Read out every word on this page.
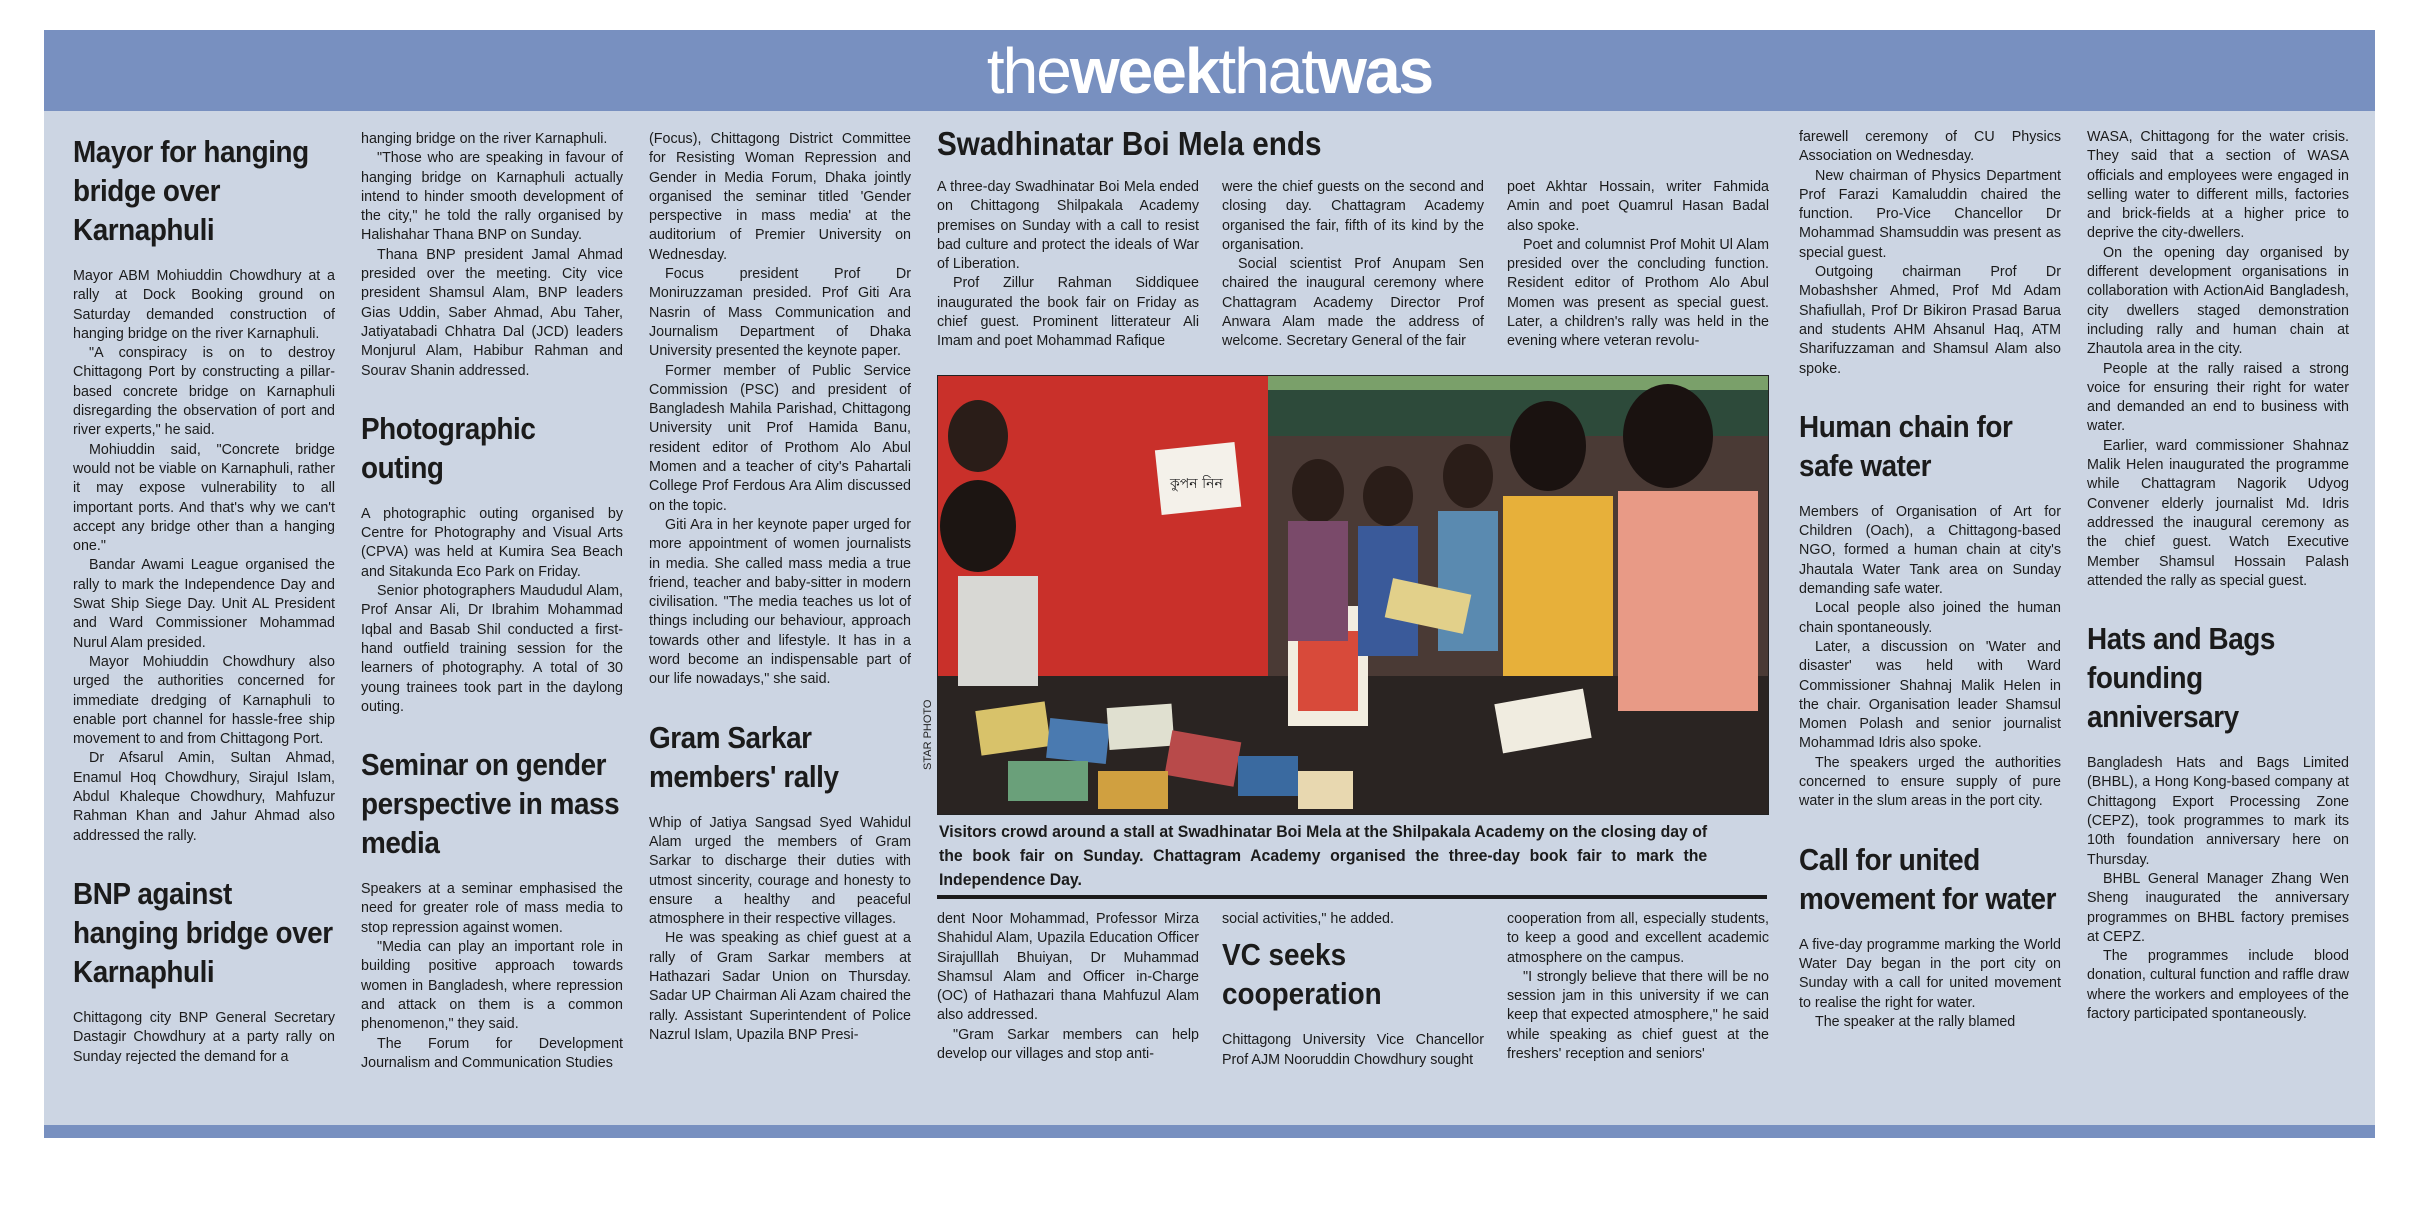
theweekthatwas
Mayor for hanging bridge over Karnaphuli

Mayor ABM Mohiuddin Chowdhury at a rally at Dock Booking ground on Saturday demanded construction of hanging bridge on the river Karnaphuli.

"A conspiracy is on to destroy Chittagong Port by constructing a pillar-based concrete bridge on Karnaphuli disregarding the observation of port and river experts," he said.

Mohiuddin said, "Concrete bridge would not be viable on Karnaphuli, rather it may expose vulnerability to all important ports. And that's why we can't accept any bridge other than a hanging one."

Bandar Awami League organised the rally to mark the Independence Day and Swat Ship Siege Day. Unit AL President and Ward Commissioner Mohammad Nurul Alam presided.

Mayor Mohiuddin Chowdhury also urged the authorities concerned for immediate dredging of Karnaphuli to enable port channel for hassle-free ship movement to and from Chittagong Port.

Dr Afsarul Amin, Sultan Ahmad, Enamul Hoq Chowdhury, Sirajul Islam, Abdul Khaleque Chowdhury, Mahfuzur Rahman Khan and Jahur Ahmad also addressed the rally.

BNP against hanging bridge over Karnaphuli

Chittagong city BNP General Secretary Dastagir Chowdhury at a party rally on Sunday rejected the demand for a

hanging bridge on the river Karnaphuli.

"Those who are speaking in favour of hanging bridge on Karnaphuli actually intend to hinder smooth development of the city," he told the rally organised by Halishahar Thana BNP on Sunday.

Thana BNP president Jamal Ahmad presided over the meeting. City vice president Shamsul Alam, BNP leaders Gias Uddin, Saber Ahmad, Abu Taher, Jatiyatabadi Chhatra Dal (JCD) leaders Monjurul Alam, Habibur Rahman and Sourav Shanin addressed.

Photographic outing

A photographic outing organised by Centre for Photography and Visual Arts (CPVA) was held at Kumira Sea Beach and Sitakunda Eco Park on Friday.

Senior photographers Maududul Alam, Prof Ansar Ali, Dr Ibrahim Mohammad Iqbal and Basab Shil conducted a first-hand outfield training session for the learners of photography. A total of 30 young trainees took part in the daylong outing.

Seminar on gender perspective in mass media

Speakers at a seminar emphasised the need for greater role of mass media to stop repression against women.

"Media can play an important role in building positive approach towards women in Bangladesh, where repression and attack on them is a common phenomenon," they said.

The Forum for Development Journalism and Communication Studies

(Focus), Chittagong District Committee for Resisting Woman Repression and Gender in Media Forum, Dhaka jointly organised the seminar titled 'Gender perspective in mass media' at the auditorium of Premier University on Wednesday.

Focus president Prof Dr Moniruzzaman presided. Prof Giti Ara Nasrin of Mass Communication and Journalism Department of Dhaka University presented the keynote paper.

Former member of Public Service Commission (PSC) and president of Bangladesh Mahila Parishad, Chittagong University unit Prof Hamida Banu, resident editor of Prothom Alo Abul Momen and a teacher of city's Pahartali College Prof Ferdous Ara Alim discussed on the topic.

Giti Ara in her keynote paper urged for more appointment of women journalists in media. She called mass media a true friend, teacher and baby-sitter in modern civilisation. "The media teaches us lot of things including our behaviour, approach towards other and lifestyle. It has in a word become an indispensable part of our life nowadays," she said.

Gram Sarkar members' rally

Whip of Jatiya Sangsad Syed Wahidul Alam urged the members of Gram Sarkar to discharge their duties with utmost sincerity, courage and honesty to ensure a healthy and peaceful atmosphere in their respective villages.

He was speaking as chief guest at a rally of Gram Sarkar members at Hathazari Sadar Union on Thursday. Sadar UP Chairman Ali Azam chaired the rally. Assistant Superintendent of Police Nazrul Islam, Upazila BNP Presi-

Swadhinatar Boi Mela ends

A three-day Swadhinatar Boi Mela ended on Chittagong Shilpakala Academy premises on Sunday with a call to resist bad culture and protect the ideals of War of Liberation.

Prof Zillur Rahman Siddiquee inaugurated the book fair on Friday as chief guest. Prominent litterateur Ali Imam and poet Mohammad Rafique

were the chief guests on the second and closing day. Chattagram Academy organised the fair, fifth of its kind by the organisation.

Social scientist Prof Anupam Sen chaired the inaugural ceremony where Chattagram Academy Director Prof Anwara Alam made the address of welcome. Secretary General of the fair

poet Akhtar Hossain, writer Fahmida Amin and poet Quamrul Hasan Badal also spoke.

Poet and columnist Prof Mohit Ul Alam presided over the concluding function. Resident editor of Prothom Alo Abul Momen was present as special guest. Later, a children's rally was held in the evening where veteran revolu-

কুপন নিন
STAR PHOTO
Visitors crowd around a stall at Swadhinatar Boi Mela at the Shilpakala Academy on the closing day of the book fair on Sunday. Chattagram Academy organised the three-day book fair to mark the Independence Day.

dent Noor Mohammad, Professor Mirza Shahidul Alam, Upazila Education Officer Sirajulllah Bhuiyan, Dr Muhammad Shamsul Alam and Officer in-Charge (OC) of Hathazari thana Mahfuzul Alam also addressed.

"Gram Sarkar members can help develop our villages and stop anti-

social activities," he added.

VC seeks cooperation

Chittagong University Vice Chancellor Prof AJM Nooruddin Chowdhury sought

cooperation from all, especially students, to keep a good and excellent academic atmosphere on the campus.

"I strongly believe that there will be no session jam in this university if we can keep that expected atmosphere," he said while speaking as chief guest at the freshers' reception and seniors'

farewell ceremony of CU Physics Association on Wednesday.

New chairman of Physics Department Prof Farazi Kamaluddin chaired the function. Pro-Vice Chancellor Dr Mohammad Shamsuddin was present as special guest.

Outgoing chairman Prof Dr Mobashsher Ahmed, Prof Md Adam Shafiullah, Prof Dr Bikiron Prasad Barua and students AHM Ahsanul Haq, ATM Sharifuzzaman and Shamsul Alam also spoke.

Human chain for safe water

Members of Organisation of Art for Children (Oach), a Chittagong-based NGO, formed a human chain at city's Jhautala Water Tank area on Sunday demanding safe water.

Local people also joined the human chain spontaneously.

Later, a discussion on 'Water and disaster' was held with Ward Commissioner Shahnaj Malik Helen in the chair. Organisation leader Shamsul Momen Polash and senior journalist Mohammad Idris also spoke.

The speakers urged the authorities concerned to ensure supply of pure water in the slum areas in the port city.

Call for united movement for water

A five-day programme marking the World Water Day began in the port city on Sunday with a call for united movement to realise the right for water.

The speaker at the rally blamed

WASA, Chittagong for the water crisis. They said that a section of WASA officials and employees were engaged in selling water to different mills, factories and brick-fields at a higher price to deprive the city-dwellers.

On the opening day organised by different development organisations in collaboration with ActionAid Bangladesh, city dwellers staged demonstration including rally and human chain at Zhautola area in the city.

People at the rally raised a strong voice for ensuring their right for water and demanded an end to business with water.

Earlier, ward commissioner Shahnaz Malik Helen inaugurated the programme while Chattagram Nagorik Udyog Convener elderly journalist Md. Idris addressed the inaugural ceremony as the chief guest. Watch Executive Member Shamsul Hossain Palash attended the rally as special guest.

Hats and Bags founding anniversary

Bangladesh Hats and Bags Limited (BHBL), a Hong Kong-based company at Chittagong Export Processing Zone (CEPZ), took programmes to mark its 10th foundation anniversary here on Thursday.

BHBL General Manager Zhang Wen Sheng inaugurated the anniversary programmes on BHBL factory premises at CEPZ.

The programmes include blood donation, cultural function and raffle draw where the workers and employees of the factory participated spontaneously.
